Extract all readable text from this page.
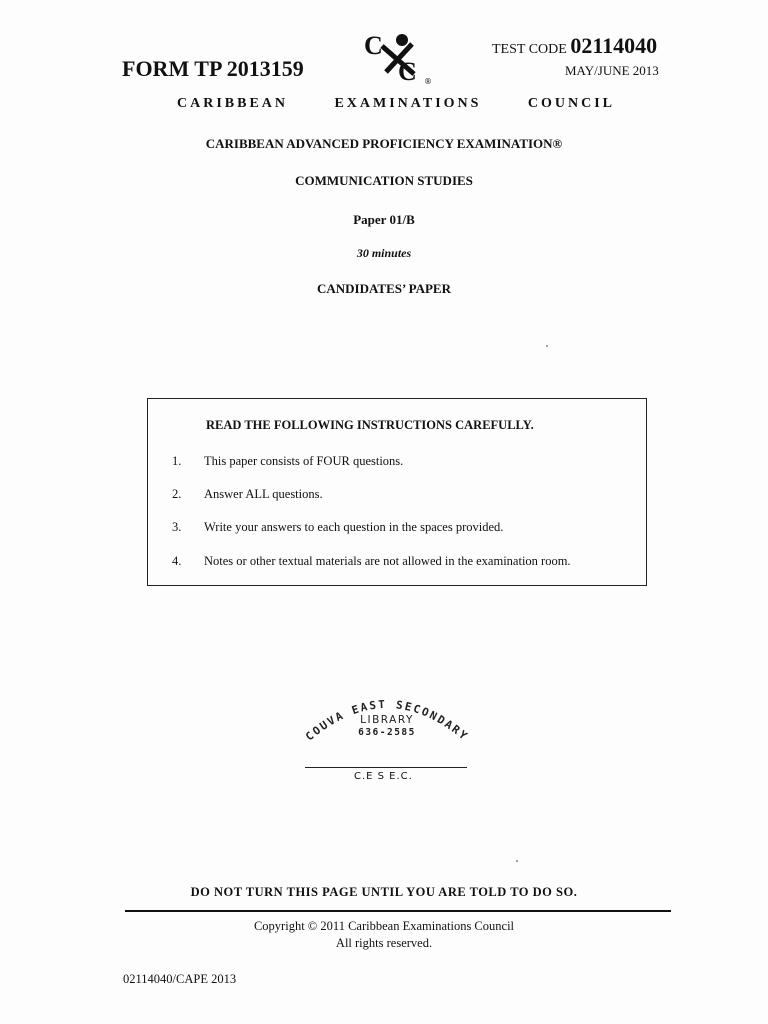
FORM TP 2013159
C
C ®
TEST CODE 02114040
MAY/JUNE 2013
CARIBBEAN	EXAMINATIONS	COUNCIL
CARIBBEAN ADVANCED PROFICIENCY EXAMINATION®
COMMUNICATION STUDIES
Paper 01/B
30 minutes
CANDIDATES’ PAPER
READ THE FOLLOWING INSTRUCTIONS CAREFULLY.
1. This paper consists of FOUR questions.
2. Answer ALL questions.
3. Write your answers to each question in the spaces provided.
4. Notes or other textual materials are not allowed in the examination room.
COUVA EAST SECONDARY
LIBRARY
636-2585
C.E S E.C.
DO NOT TURN THIS PAGE UNTIL YOU ARE TOLD TO DO SO.
Copyright © 2011 Caribbean Examinations Council
All rights reserved.
02114040/CAPE 2013
